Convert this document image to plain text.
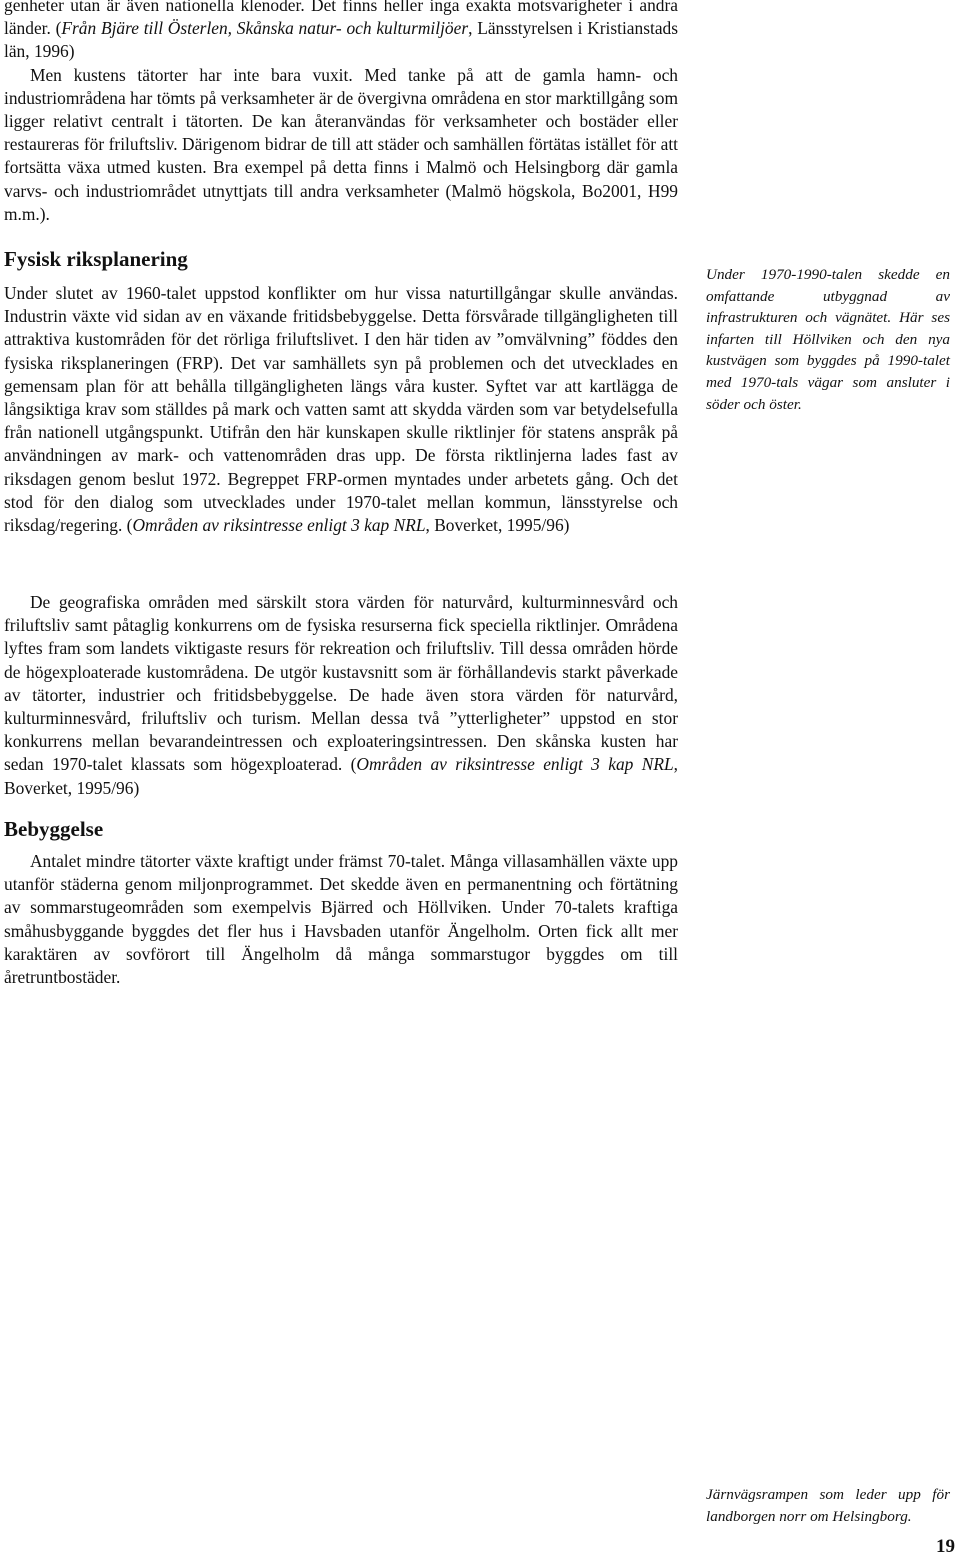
genheter utan är även nationella klenoder. Det finns heller inga exakta motsvarigheter i andra länder. (Från Bjäre till Österlen, Skånska natur- och kulturmiljöer, Länsstyrelsen i Kristianstads län, 1996)

Men kustens tätorter har inte bara vuxit. Med tanke på att de gamla hamn- och industriområdena har tömts på verksamheter är de övergivna områdena en stor marktillgång som ligger relativt centralt i tätorten. De kan återanvändas för verksamheter och bostäder eller restaureras för friluftsliv. Därigenom bidrar de till att städer och samhällen förtätas istället för att fortsätta växa utmed kusten. Bra exempel på detta finns i Malmö och Helsingborg där gamla varvs- och industriområdet utnyttjats till andra verksamheter (Malmö högskola, Bo2001, H99 m.m.).

Fysisk riksplanering

Under slutet av 1960-talet uppstod konflikter om hur vissa naturtillgångar skulle användas. Industrin växte vid sidan av en växande fritidsbebyggelse. Detta försvårade tillgängligheten till attraktiva kustområden för det rörliga friluftslivet. I den här tiden av ”omvälvning” föddes den fysiska riksplaneringen (FRP). Det var samhällets syn på problemen och det utvecklades en gemensam plan för att behålla tillgängligheten längs våra kuster. Syftet var att kartlägga de långsiktiga krav som ställdes på mark och vatten samt att skydda värden som var betydelsefulla från nationell utgångspunkt. Utifrån den här kunskapen skulle riktlinjer för statens anspråk på användningen av mark- och vattenområden dras upp. De första riktlinjerna lades fast av riksdagen genom beslut 1972. Begreppet FRP-ormen myntades under arbetets gång. Och det stod för den dialog som utvecklades under 1970-talet mellan kommun, länsstyrelse och riksdag/regering. (Områden av riksintresse enligt 3 kap NRL, Boverket, 1995/96)

De geografiska områden med särskilt stora värden för naturvård, kulturminnesvård och friluftsliv samt påtaglig konkurrens om de fysiska resurserna fick speciella riktlinjer. Områdena lyftes fram som landets viktigaste resurs för rekreation och friluftsliv. Till dessa områden hörde de högexploaterade kustområdena. De utgör kustavsnitt som är förhållandevis starkt påverkade av tätorter, industrier och fritidsbebyggelse. De hade även stora värden för naturvård, kulturminnesvård, friluftsliv och turism. Mellan dessa två ”ytterligheter” uppstod en stor konkurrens mellan bevarandeintressen och exploateringsintressen. Den skånska kusten har sedan 1970-talet klassats som högexploaterad. (Områden av riksintresse enligt 3 kap NRL, Boverket, 1995/96)

Bebyggelse

Antalet mindre tätorter växte kraftigt under främst 70-talet. Många villasamhällen växte upp utanför städerna genom miljonprogrammet. Det skedde även en permanentning och förtätning av sommarstugeområden som exempelvis Bjärred och Höllviken. Under 70-talets kraftiga småhusbyggande byggdes det fler hus i Havsbaden utanför Ängelholm. Orten fick allt mer karaktären av sovförort till Ängelholm då många sommarstugor byggdes om till åretruntbostäder.

Under 1970-1990-talen skedde en omfattande utbyggnad av infrastrukturen och vägnätet. Här ses infarten till Höllviken och den nya kustvägen som byggdes på 1990-talet med 1970-tals vägar som ansluter i söder och öster.

Järnvägsrampen som leder upp för landborgen norr om Helsingborg.

19
